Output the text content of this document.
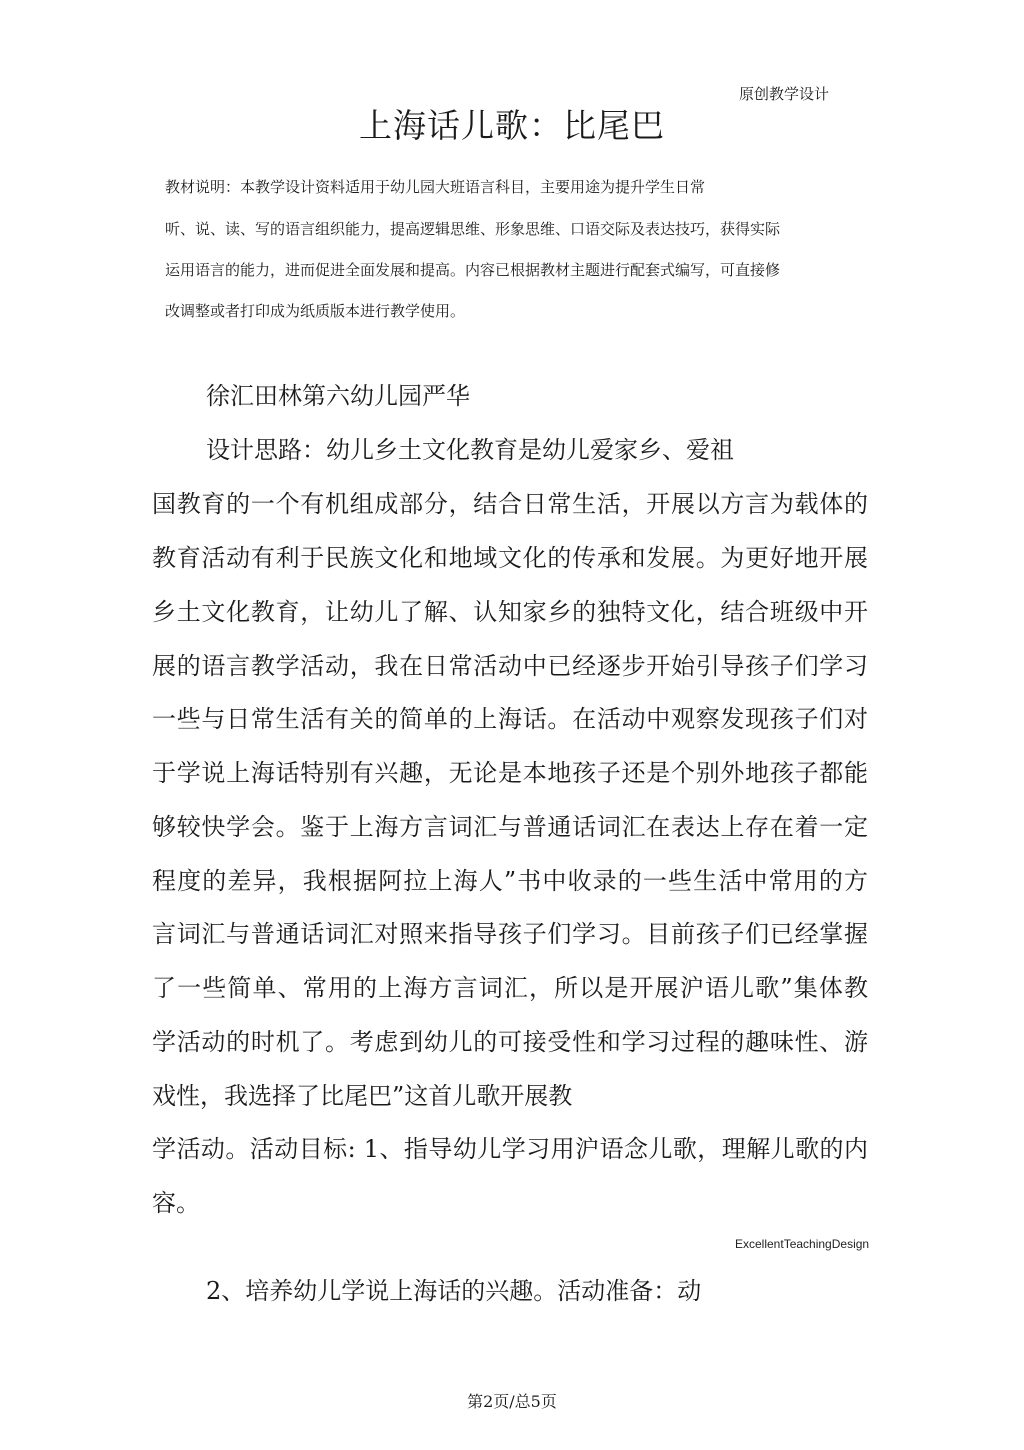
原创教学设计
上海话儿歌：比尾巴
教材说明：本教学设计资料适用于幼儿园大班语言科目，主要用途为提升学生日常
听、说、读、写的语言组织能力，提高逻辑思维、形象思维、口语交际及表达技巧，获得实际
运用语言的能力，进而促进全面发展和提高。内容已根据教材主题进行配套式编写，可直接修
改调整或者打印成为纸质版本进行教学使用。
徐汇田林第六幼儿园严华
设计思路：幼儿乡土文化教育是幼儿爱家乡、爱祖
国教育的一个有机组成部分，结合日常生活，开展以方言为载体的
教育活动有利于民族文化和地域文化的传承和发展。为更好地开展
乡土文化教育，让幼儿了解、认知家乡的独特文化，结合班级中开
展的语言教学活动，我在日常活动中已经逐步开始引导孩子们学习
一些与日常生活有关的简单的上海话。在活动中观察发现孩子们对
于学说上海话特别有兴趣，无论是本地孩子还是个别外地孩子都能
够较快学会。鉴于上海方言词汇与普通话词汇在表达上存在着一定
程度的差异，我根据阿拉上海人”书中收录的一些生活中常用的方
言词汇与普通话词汇对照来指导孩子们学习。目前孩子们已经掌握
了一些简单、常用的上海方言词汇，所以是开展沪语儿歌”集体教
学活动的时机了。考虑到幼儿的可接受性和学习过程的趣味性、游
戏性，我选择了比尾巴”这首儿歌开展教
学活动。活动目标: 1、指导幼儿学习用沪语念儿歌，理解儿歌的内
容。
ExcellentTeachingDesign
2、培养幼儿学说上海话的兴趣。活动准备：动
第2页/总5页
